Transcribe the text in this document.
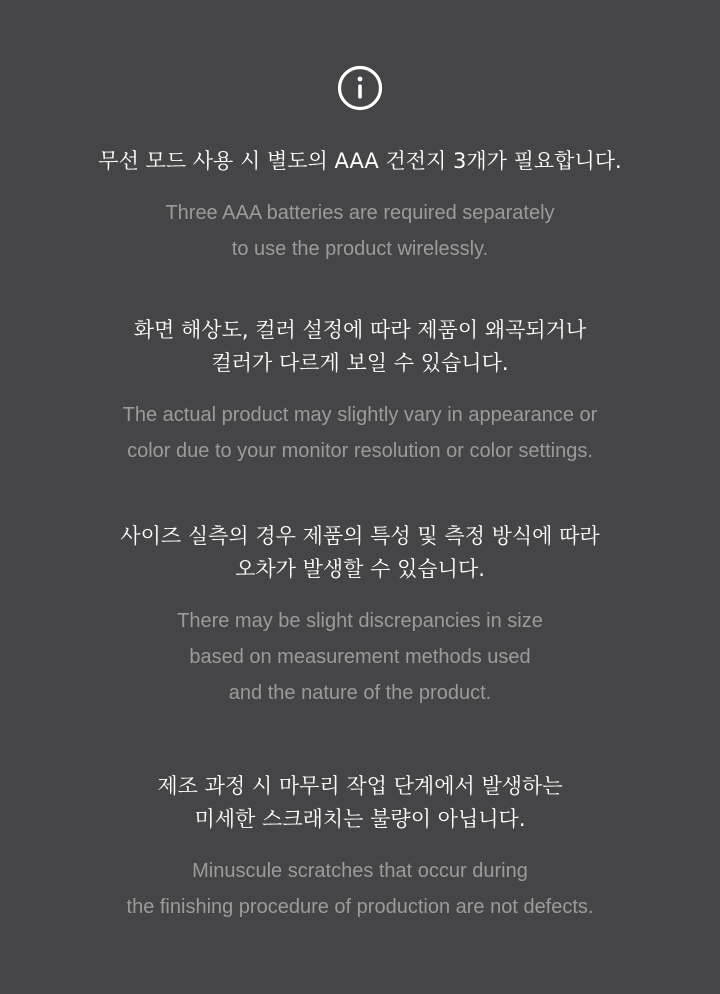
무선 모드 사용 시 별도의 AAA 건전지 3개가 필요합니다.
Three AAA batteries are required separately
to use the product wirelessly.
화면 해상도, 컬러 설정에 따라 제품이 왜곡되거나
컬러가 다르게 보일 수 있습니다.
The actual product may slightly vary in appearance or
color due to your monitor resolution or color settings.
사이즈 실측의 경우 제품의 특성 및 측정 방식에 따라
오차가 발생할 수 있습니다.
There may be slight discrepancies in size
based on measurement methods used
and the nature of the product.
제조 과정 시 마무리 작업 단계에서 발생하는
미세한 스크래치는 불량이 아닙니다.
Minuscule scratches that occur during
the finishing procedure of production are not defects.
